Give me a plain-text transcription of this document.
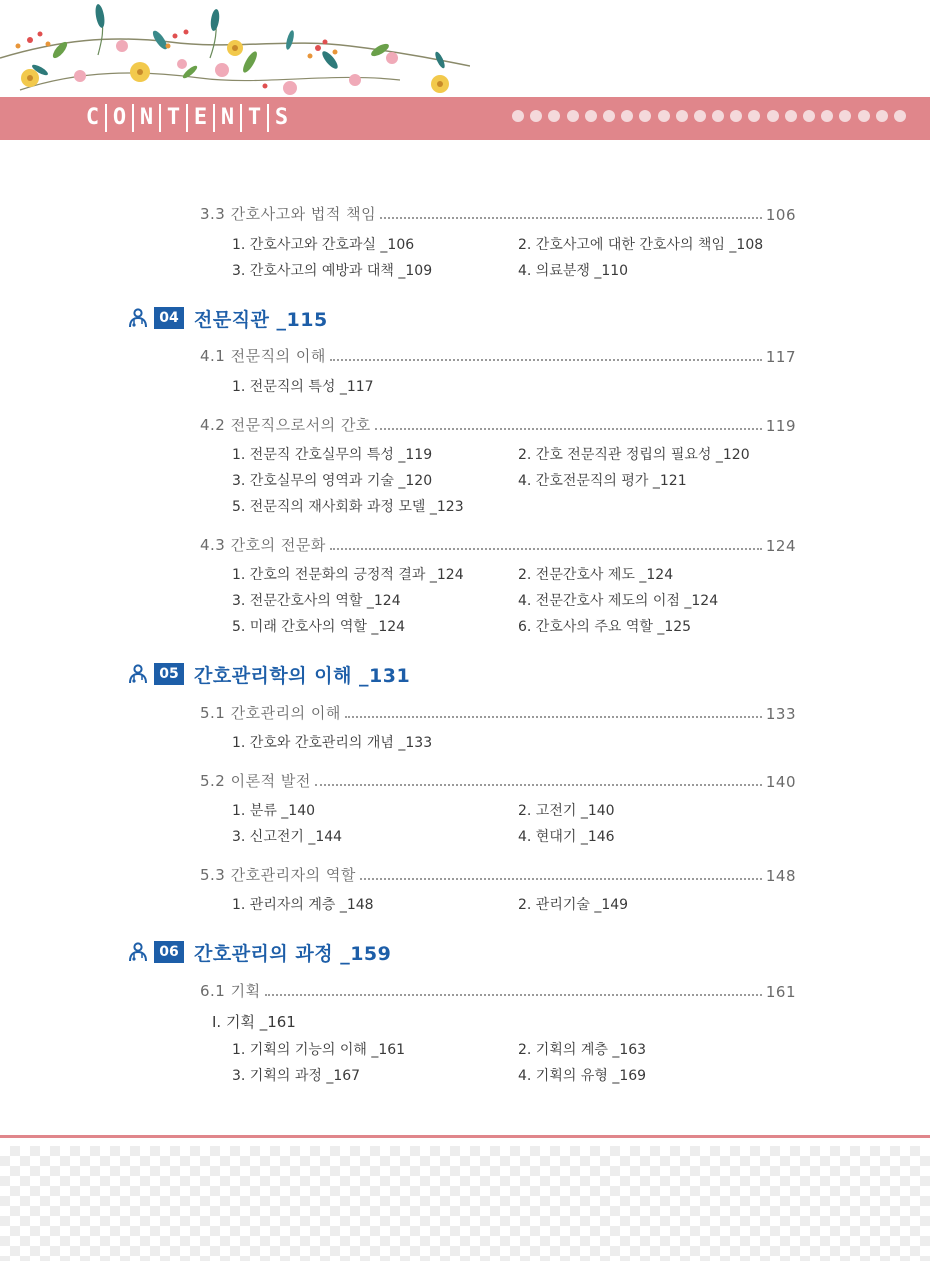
C O N T E N T S
3.3 간호사고와 법적 책임	106
1. 간호사고와 간호과실 _106	2. 간호사고에 대한 간호사의 책임 _108
3. 간호사고의 예방과 대책 _109	4. 의료분쟁 _110
04 전문직관 _115
4.1 전문직의 이해	117
1. 전문직의 특성 _117
4.2 전문직으로서의 간호	119
1. 전문직 간호실무의 특성 _119	2. 간호 전문직관 정립의 필요성 _120
3. 간호실무의 영역과 기술 _120	4. 간호전문직의 평가 _121
5. 전문직의 재사회화 과정 모델 _123
4.3 간호의 전문화	124
1. 간호의 전문화의 긍정적 결과 _124	2. 전문간호사 제도 _124
3. 전문간호사의 역할 _124	4. 전문간호사 제도의 이점 _124
5. 미래 간호사의 역할 _124	6. 간호사의 주요 역할 _125
05 간호관리학의 이해 _131
5.1 간호관리의 이해	133
1. 간호와 간호관리의 개념 _133
5.2 이론적 발전	140
1. 분류 _140	2. 고전기 _140
3. 신고전기 _144	4. 현대기 _146
5.3 간호관리자의 역할	148
1. 관리자의 계층 _148	2. 관리기술 _149
06 간호관리의 과정 _159
6.1 기획	161
Ⅰ. 기획 _161
1. 기획의 기능의 이해 _161	2. 기획의 계층 _163
3. 기획의 과정 _167	4. 기획의 유형 _169
